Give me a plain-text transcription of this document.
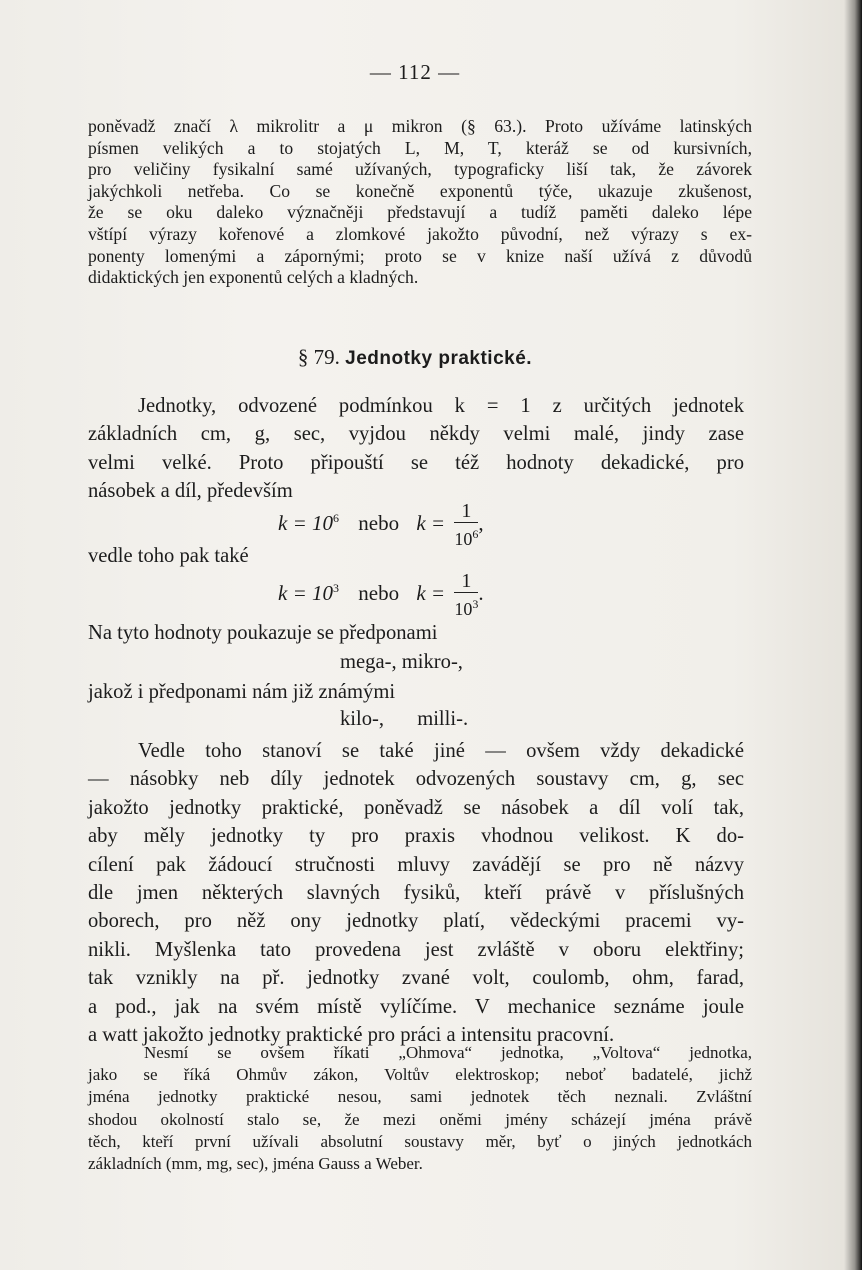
— 112 —
poněvadž značí λ mikrolitr a μ mikron (§ 63.). Proto užíváme latinských
písmen velikých a to stojatých L, M, T, kteráž se od kursivních,
pro veličiny fysikalní samé užívaných, typograficky liší tak, že závorek
jakýchkoli netřeba. Co se konečně exponentů týče, ukazuje zkušenost,
že se oku daleko význačněji představují a tudíž paměti daleko lépe
vštípí výrazy kořenové a zlomkové jakožto původní, než výrazy s ex-
ponenty lomenými a zápornými; proto se v knize naší užívá z důvodů
didaktických jen exponentů celých a kladných.
§ 79. Jednotky praktické.
Jednotky, odvozené podmínkou k = 1 z určitých jednotek
základních cm, g, sec, vyjdou někdy velmi malé, jindy zase
velmi velké. Proto připouští se též hodnoty dekadické, pro
násobek a díl, především
$k = 10^6$ nebo $k = \frac{1}{10^6}$ ,
vedle toho pak také
$k = 10^3$ nebo $k = \frac{1}{10^3}$ .
Na tyto hodnoty poukazuje se předponami
mega-, mikro-,
jakož i předponami nám již známými
kilo-, milli-.
Vedle toho stanoví se také jiné — ovšem vždy dekadické
— násobky neb díly jednotek odvozených soustavy cm, g, sec
jakožto jednotky praktické, poněvadž se násobek a díl volí tak,
aby měly jednotky ty pro praxis vhodnou velikost. K do-
cílení pak žádoucí stručnosti mluvy zavádějí se pro ně názvy
dle jmen některých slavných fysiků, kteří právě v příslušných
oborech, pro něž ony jednotky platí, vědeckými pracemi vy-
nikli. Myšlenka tato provedena jest zvláště v oboru elektřiny;
tak vznikly na př. jednotky zvané volt, coulomb, ohm, farad,
a pod., jak na svém místě vylíčíme. V mechanice seznáme joule
a watt jakožto jednotky praktické pro práci a intensitu pracovní.
Nesmí se ovšem říkati „Ohmova“ jednotka, „Voltova“ jednotka,
jako se říká Ohmův zákon, Voltův elektroskop; neboť badatelé, jichž
jména jednotky praktické nesou, sami jednotek těch neznali. Zvláštní
shodou okolností stalo se, že mezi oněmi jmény scházejí jména právě
těch, kteří první užívali absolutní soustavy měr, byť o jiných jednotkách
základních (mm, mg, sec), jména Gauss a Weber.
